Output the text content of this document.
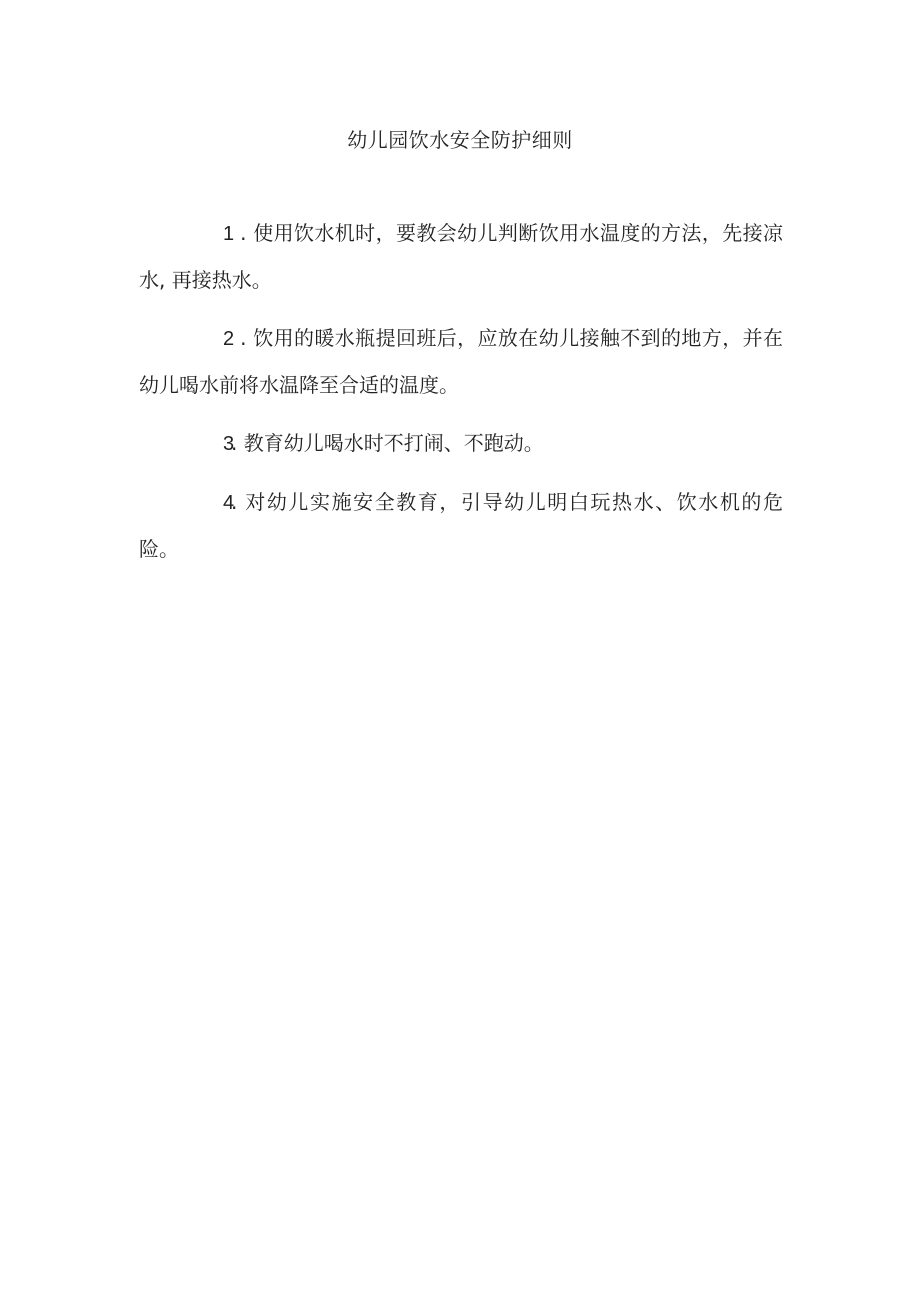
幼儿园饮水安全防护细则

1 . 使用饮水机时，要教会幼儿判断饮用水温度的方法，先接凉水, 再接热水。

2 . 饮用的暖水瓶提回班后，应放在幼儿接触不到的地方，并在幼儿喝水前将水温降至合适的温度。

3. 教育幼儿喝水时不打闹、不跑动。

4. 对幼儿实施安全教育，引导幼儿明白玩热水、饮水机的危险。
